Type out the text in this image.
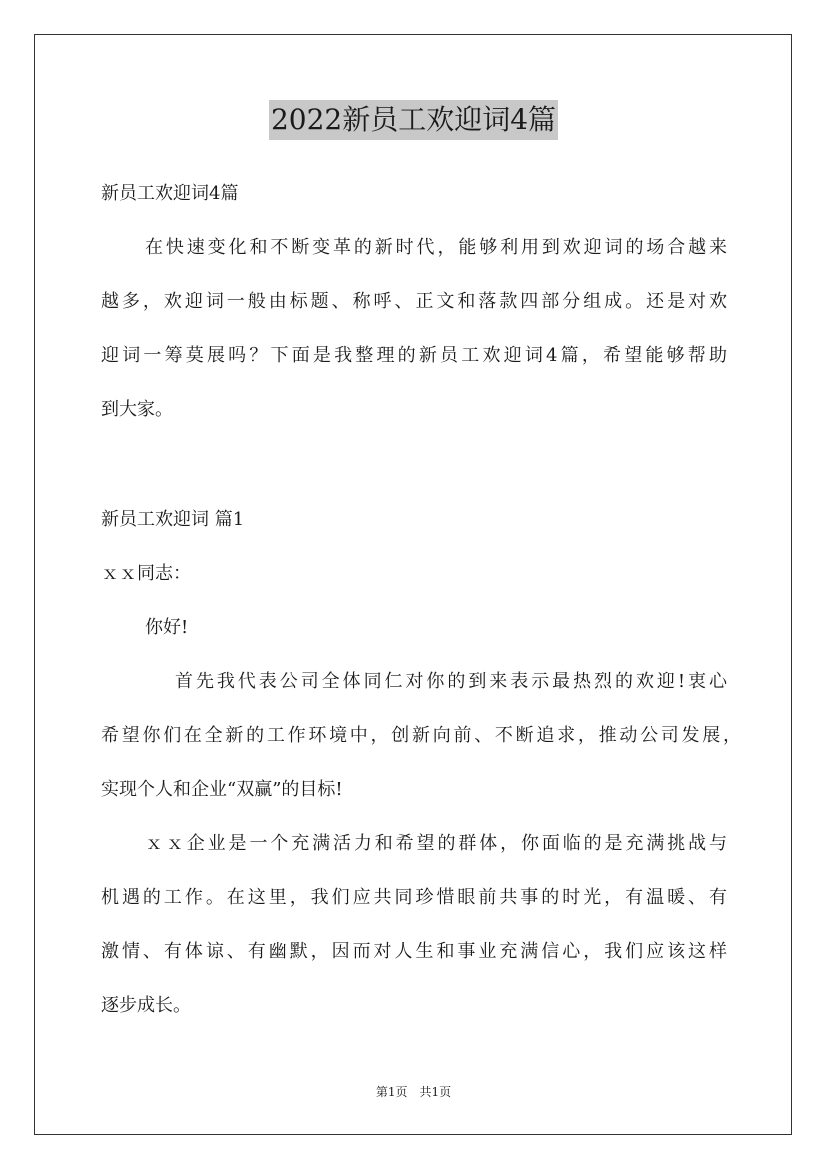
2022新员工欢迎词4篇
新员工欢迎词4篇
在快速变化和不断变革的新时代，能够利用到欢迎词的场合越来
越多，欢迎词一般由标题、称呼、正文和落款四部分组成。还是对欢
迎词一筹莫展吗？下面是我整理的新员工欢迎词4篇，希望能够帮助
到大家。
新员工欢迎词 篇1
ｘｘ同志：
你好!
首先我代表公司全体同仁对你的到来表示最热烈的欢迎!衷心
希望你们在全新的工作环境中，创新向前、不断追求，推动公司发展，
实现个人和企业“双赢”的目标!
ｘｘ企业是一个充满活力和希望的群体，你面临的是充满挑战与
机遇的工作。在这里，我们应共同珍惜眼前共事的时光，有温暖、有
激情、有体谅、有幽默，因而对人生和事业充满信心，我们应该这样
逐步成长。
第1页　共1页
